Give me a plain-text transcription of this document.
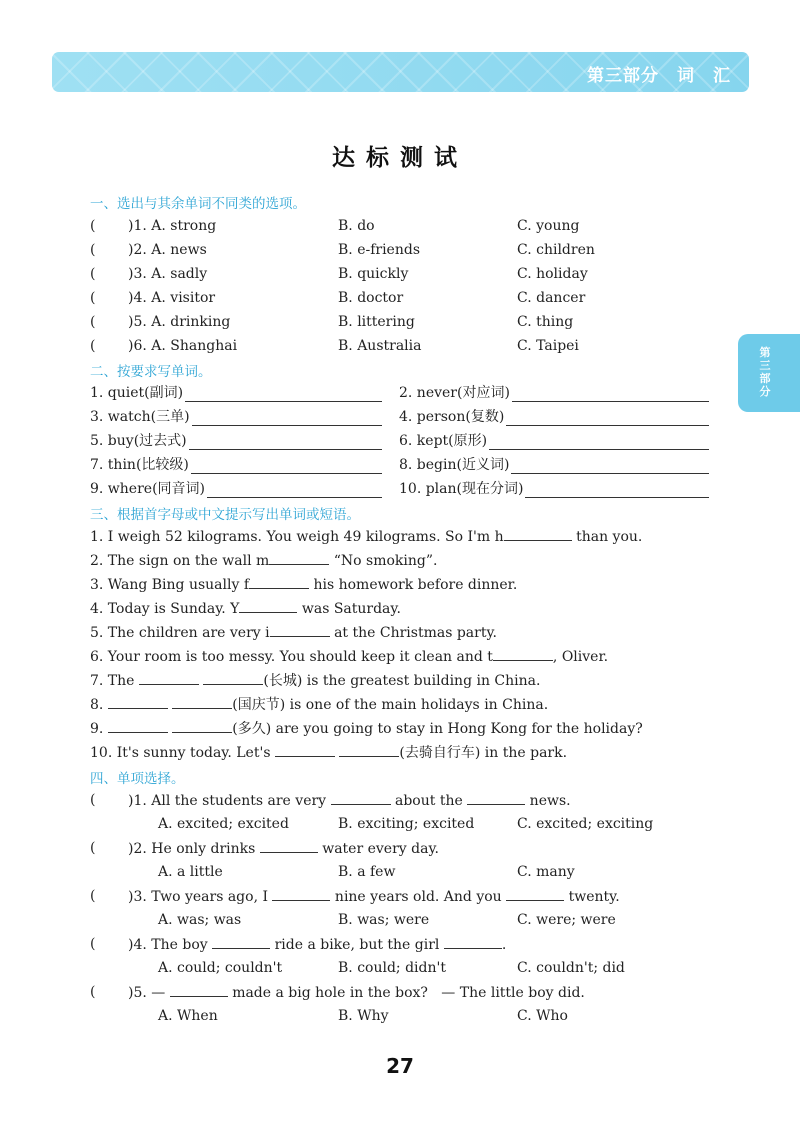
第三部分　词　汇
第三部分
达标测试
一、选出与其余单词不同类的选项。
( )1. A. strong	B. do	C. young
( )2. A. news	B. e-friends	C. children
( )3. A. sadly	B. quickly	C. holiday
( )4. A. visitor	B. doctor	C. dancer
( )5. A. drinking	B. littering	C. thing
( )6. A. Shanghai	B. Australia	C. Taipei
二、按要求写单词。
1. quiet(副词)	2. never(对应词)
3. watch(三单)	4. person(复数)
5. buy(过去式)	6. kept(原形)
7. thin(比较级)	8. begin(近义词)
9. where(同音词)	10. plan(现在分词)
三、根据首字母或中文提示写出单词或短语。
1. I weigh 52 kilograms. You weigh 49 kilograms. So I'm h	than you.
2. The sign on the wall m	“No smoking”.
3. Wang Bing usually f	his homework before dinner.
4. Today is Sunday. Y	was Saturday.
5. The children are very i	at the Christmas party.
6. Your room is too messy. You should keep it clean and t	, Oliver.
7. The	(长城) is the greatest building in China.
8.	(国庆节) is one of the main holidays in China.
9.	(多久) are you going to stay in Hong Kong for the holiday?
10. It's sunny today. Let's	(去骑自行车) in the park.
四、单项选择。
( )1. All the students are very	about the	news.
A. excited; excited	B. exciting; excited	C. excited; exciting
( )2. He only drinks	water every day.
A. a little	B. a few	C. many
( )3. Two years ago, I	nine years old. And you	twenty.
A. was; was	B. was; were	C. were; were
( )4. The boy	ride a bike, but the girl	.
A. could; couldn't	B. could; didn't	C. couldn't; did
( )5. —	made a big hole in the box? — The little boy did.
A. When	B. Why	C. Who
27
